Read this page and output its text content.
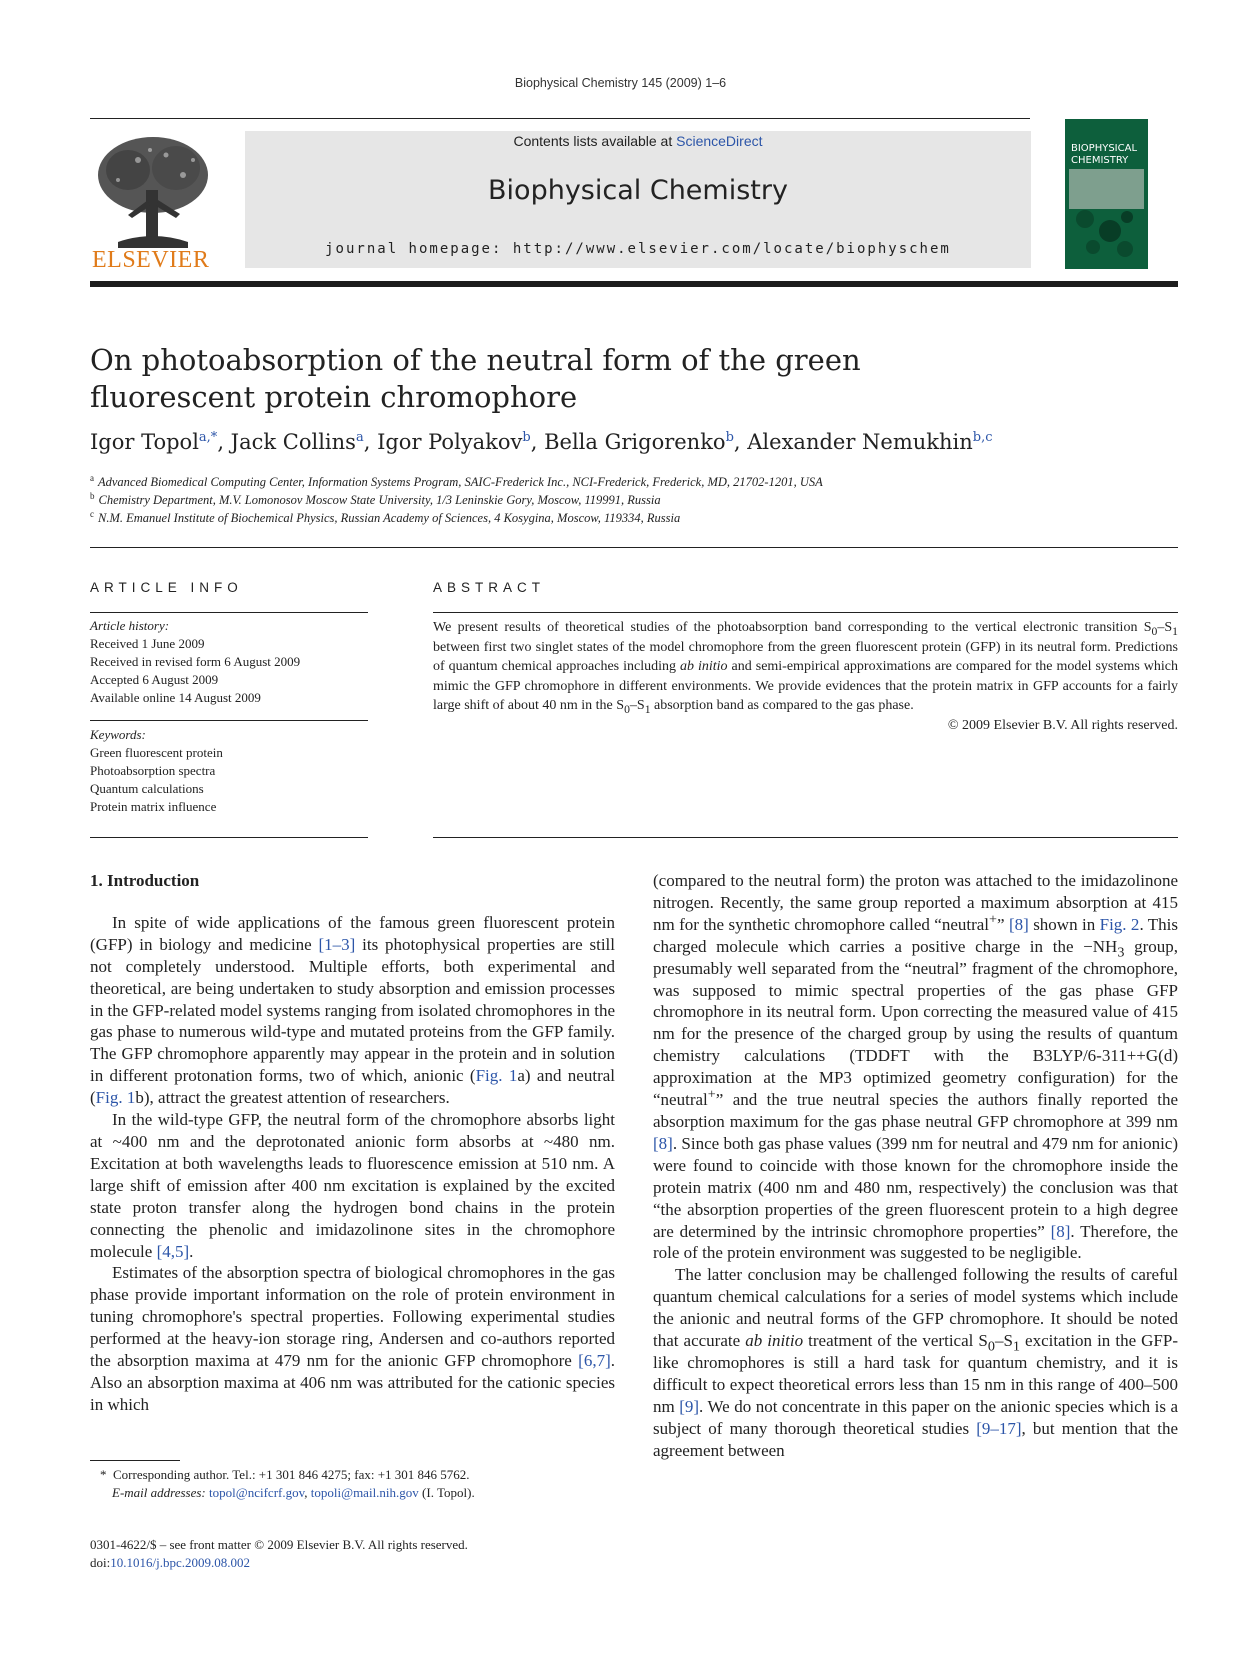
Biophysical Chemistry 145 (2009) 1–6
ELSEVIER
Contents lists available at ScienceDirect
Biophysical Chemistry
journal homepage: http://www.elsevier.com/locate/biophyschem
BIOPHYSICAL
CHEMISTRY
On photoabsorption of the neutral form of the green fluorescent protein chromophore
Igor Topol$^{a,*}$, Jack Collins$^a$, Igor Polyakov$^b$, Bella Grigorenko$^b$, Alexander Nemukhin$^{b,c}$
$^a$ Advanced Biomedical Computing Center, Information Systems Program, SAIC-Frederick Inc., NCI-Frederick, Frederick, MD, 21702-1201, USA
$^b$ Chemistry Department, M.V. Lomonosov Moscow State University, 1/3 Leninskie Gory, Moscow, 119991, Russia
$^c$ N.M. Emanuel Institute of Biochemical Physics, Russian Academy of Sciences, 4 Kosygina, Moscow, 119334, Russia
ARTICLE INFO
Article history:
Received 1 June 2009
Received in revised form 6 August 2009
Accepted 6 August 2009
Available online 14 August 2009
Keywords:
Green fluorescent protein
Photoabsorption spectra
Quantum calculations
Protein matrix influence
ABSTRACT
We present results of theoretical studies of the photoabsorption band corresponding to the vertical electronic transition $S_0-S_1$ between first two singlet states of the model chromophore from the green fluorescent protein (GFP) in its neutral form. Predictions of quantum chemical approaches including ab initio and semi-empirical approximations are compared for the model systems which mimic the GFP chromophore in different environments. We provide evidences that the protein matrix in GFP accounts for a fairly large shift of about 40 nm in the $S_0-S_1$ absorption band as compared to the gas phase.
© 2009 Elsevier B.V. All rights reserved.
1. Introduction

In spite of wide applications of the famous green fluorescent protein (GFP) in biology and medicine [1–3] its photophysical properties are still not completely understood. Multiple efforts, both experimental and theoretical, are being undertaken to study absorption and emission processes in the GFP-related model systems ranging from isolated chromophores in the gas phase to numerous wild-type and mutated proteins from the GFP family. The GFP chromophore apparently may appear in the protein and in solution in different protonation forms, two of which, anionic (Fig. 1a) and neutral (Fig. 1b), attract the greatest attention of researchers.

In the wild-type GFP, the neutral form of the chromophore absorbs light at ~400 nm and the deprotonated anionic form absorbs at ~480 nm. Excitation at both wavelengths leads to fluorescence emission at 510 nm. A large shift of emission after 400 nm excitation is explained by the excited state proton transfer along the hydrogen bond chains in the protein connecting the phenolic and imidazolinone sites in the chromophore molecule [4,5].

Estimates of the absorption spectra of biological chromophores in the gas phase provide important information on the role of protein environment in tuning chromophore's spectral properties. Following experimental studies performed at the heavy-ion storage ring, Andersen and co-authors reported the absorption maxima at 479 nm for the anionic GFP chromophore [6,7]. Also an absorption maxima at 406 nm was attributed for the cationic species in which

(compared to the neutral form) the proton was attached to the imidazolinone nitrogen. Recently, the same group reported a maximum absorption at 415 nm for the synthetic chromophore called “neutral+” [8] shown in Fig. 2. This charged molecule which carries a positive charge in the $-NH_3$ group, presumably well separated from the “neutral” fragment of the chromophore, was supposed to mimic spectral properties of the gas phase GFP chromophore in its neutral form. Upon correcting the measured value of 415 nm for the presence of the charged group by using the results of quantum chemistry calculations (TDDFT with the B3LYP/6-311++G(d) approximation at the MP3 optimized geometry configuration) for the “neutral+” and the true neutral species the authors finally reported the absorption maximum for the gas phase neutral GFP chromophore at 399 nm [8]. Since both gas phase values (399 nm for neutral and 479 nm for anionic) were found to coincide with those known for the chromophore inside the protein matrix (400 nm and 480 nm, respectively) the conclusion was that “the absorption properties of the green fluorescent protein to a high degree are determined by the intrinsic chromophore properties” [8]. Therefore, the role of the protein environment was suggested to be negligible.

The latter conclusion may be challenged following the results of careful quantum chemical calculations for a series of model systems which include the anionic and neutral forms of the GFP chromophore. It should be noted that accurate ab initio treatment of the vertical $S_0-S_1$ excitation in the GFP-like chromophores is still a hard task for quantum chemistry, and it is difficult to expect theoretical errors less than 15 nm in this range of 400–500 nm [9]. We do not concentrate in this paper on the anionic species which is a subject of many thorough theoretical studies [9–17], but mention that the agreement between

* Corresponding author. Tel.: +1 301 846 4275; fax: +1 301 846 5762.
E-mail addresses: topol@ncifcrf.gov, topoli@mail.nih.gov (I. Topol).
0301-4622/$ – see front matter © 2009 Elsevier B.V. All rights reserved.
doi:10.1016/j.bpc.2009.08.002
